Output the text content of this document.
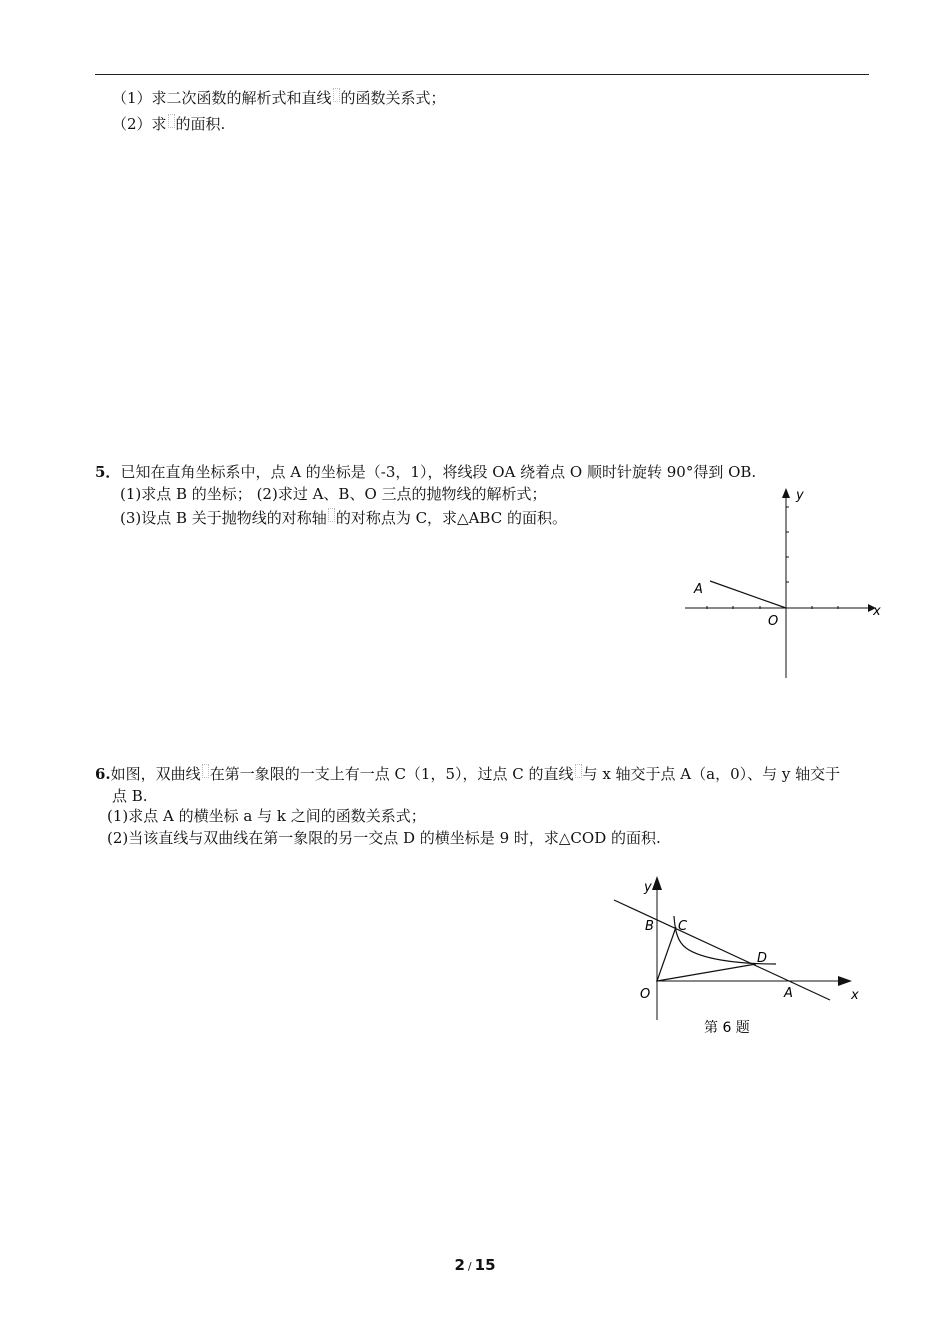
（1）求二次函数的解析式和直线 的函数关系式；
（2）求 的面积.
5．已知在直角坐标系中，点 A 的坐标是（-3，1），将线段 OA 绕着点 O 顺时针旋转 90°得到 OB.
(1)求点 B 的坐标； (2)求过 A、B、O 三点的抛物线的解析式；
(3)设点 B 关于抛物线的对称轴 的对称点为 C，求△ABC 的面积。
A
O
x
y
6.如图，双曲线 在第一象限的一支上有一点 C（1，5），过点 C 的直线 与 x 轴交于点 A（a，0）、与 y 轴交于
点 B.
(1)求点 A 的横坐标 a 与 k 之间的函数关系式；
(2)当该直线与双曲线在第一象限的另一交点 D 的横坐标是 9 时，求△COD 的面积.
y
B C
D
O	A	x
第 6 题
2 / 15
